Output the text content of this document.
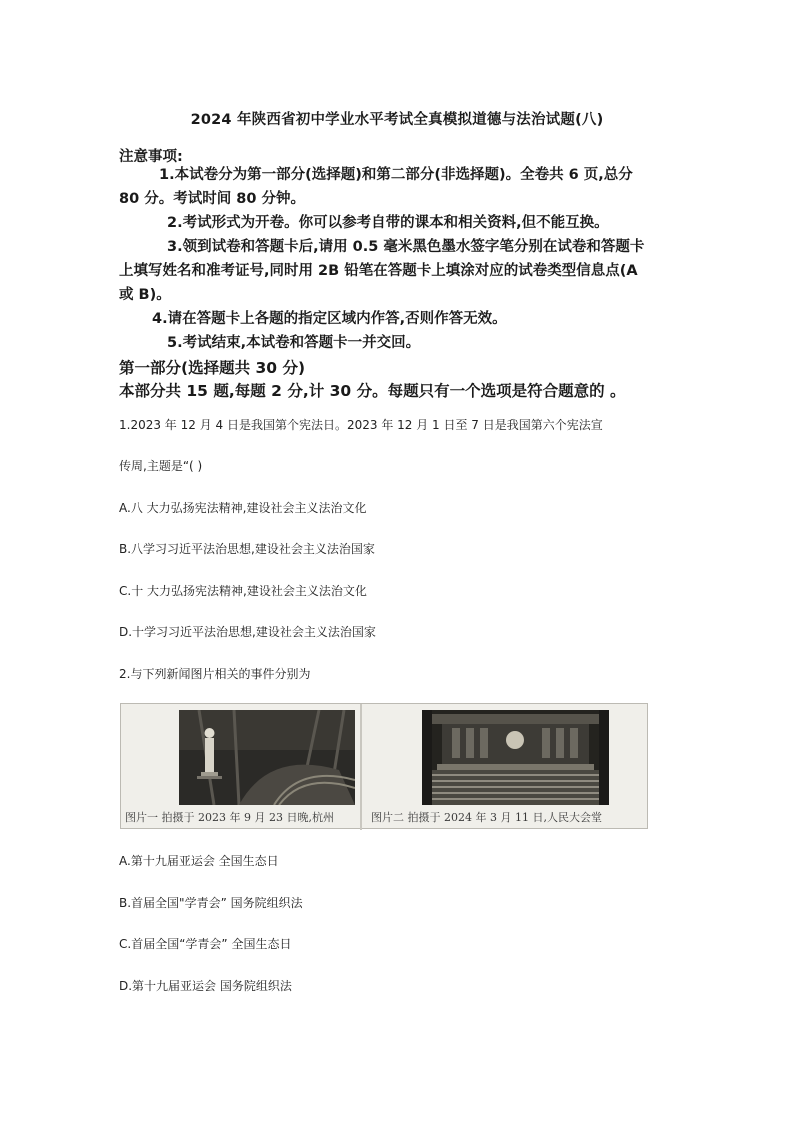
2024 年陕西省初中学业水平考试全真模拟道德与法治试题(八)
注意事项:
1.本试卷分为第一部分(选择题)和第二部分(非选择题)。全卷共 6 页,总分
80 分。考试时间 80 分钟。
2.考试形式为开卷。你可以参考自带的课本和相关资料,但不能互换。
3.领到试卷和答题卡后,请用 0.5 毫米黑色墨水签字笔分别在试卷和答题卡
上填写姓名和准考证号,同时用 2B 铅笔在答题卡上填涂对应的试卷类型信息点(A
或 B)。
4.请在答题卡上各题的指定区域内作答,否则作答无效。
5.考试结束,本试卷和答题卡一并交回。
第一部分(选择题共 30 分)
本部分共 15 题,每题 2 分,计 30 分。每题只有一个选项是符合题意的 。
1.2023 年 12 月 4 日是我国第个宪法日。2023 年 12 月 1 日至 7 日是我国第六个宪法宣
传周,主题是“( )
A.八 大力弘扬宪法精神,建设社会主义法治文化
B.八学习习近平法治思想,建设社会主义法治国家
C.十 大力弘扬宪法精神,建设社会主义法治文化
D.十学习习近平法治思想,建设社会主义法治国家
2.与下列新闻图片相关的事件分别为
图片一 拍摄于 2023 年 9 月 23 日晚,杭州	图片二 拍摄于 2024 年 3 月 11 日,人民大会堂
A.第十九届亚运会 全国生态日
B.首届全国"学青会” 国务院组织法
C.首届全国“学青会” 全国生态日
D.第十九届亚运会 国务院组织法
